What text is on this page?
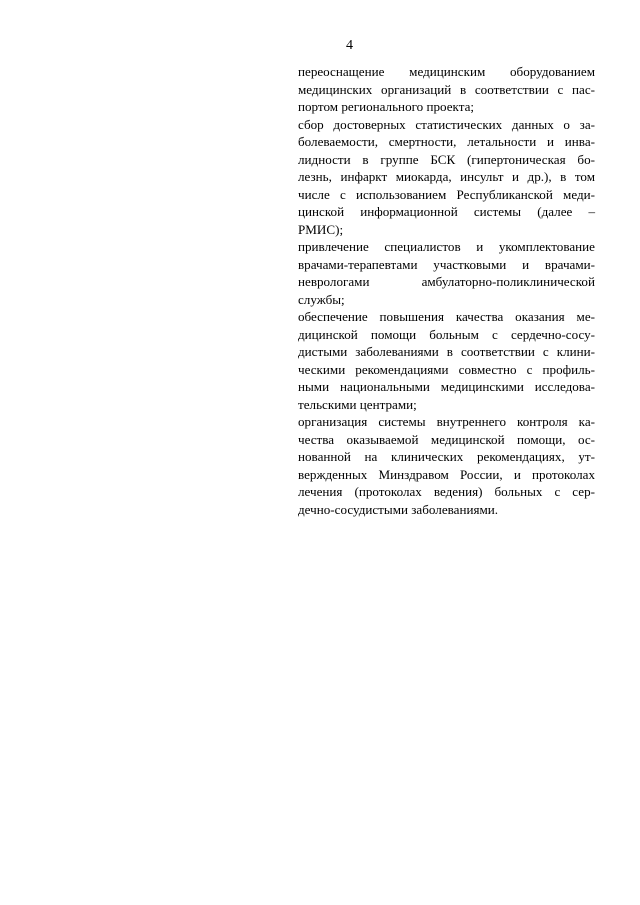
4
переоснащение медицинским оборудованием
медицинских организаций в соответствии с пас-
портом регионального проекта;
сбор достоверных статистических данных о за-
болеваемости, смертности, летальности и инва-
лидности в группе БСК (гипертоническая бо-
лезнь, инфаркт миокарда, инсульт и др.), в том
числе с использованием Республиканской меди-
цинской информационной системы (далее –
РМИС);
привлечение специалистов и укомплектование
врачами-терапевтами участковыми и врачами-
неврологами амбулаторно-поликлинической
службы;
обеспечение повышения качества оказания ме-
дицинской помощи больным с сердечно-сосу-
дистыми заболеваниями в соответствии с клини-
ческими рекомендациями совместно с профиль-
ными национальными медицинскими исследова-
тельскими центрами;
организация системы внутреннего контроля ка-
чества оказываемой медицинской помощи, ос-
нованной на клинических рекомендациях, ут-
вержденных Минздравом России, и протоколах
лечения (протоколах ведения) больных с сер-
дечно-сосудистыми заболеваниями.
